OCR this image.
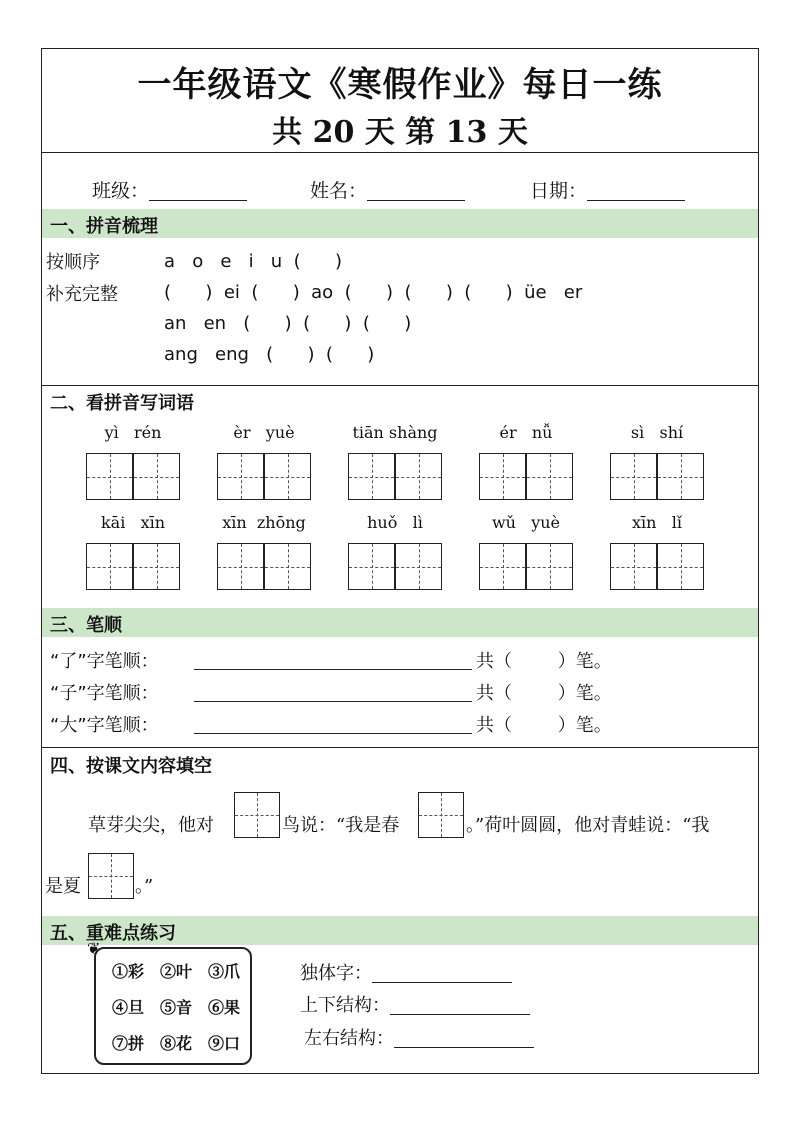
一年级语文《寒假作业》每日一练
共 20 天 第 13 天
班级：	姓名：	日期：
一、拼音梳理
按顺序
补充完整
a   o   e   i   u  (      )
(      )  ei  (      )  ao  (      )  (      )  (      )  üe   er
an   en   (      )  (      )  (      )
ang   eng   (      )  (      )
二、看拼音写词语
yì   rén	èr   yuè	tiān shàng	ér   nǚ	sì   shí
kāi   xīn	xīn  zhōng	huǒ   lì	wǔ   yuè	xīn   lǐ
三、笔顺
“了”字笔顺：	共（        ）笔。
“子”字笔顺：	共（        ）笔。
“大”字笔顺：	共（        ）笔。
四、按课文内容填空
草芽尖尖，他对	鸟说：“我是春	。”荷叶圆圆，他对青蛙说：“我
是夏	。”
五、重难点练习
①彩 ②叶 ③爪
④旦 ⑤音 ⑥果
⑦拼 ⑧花 ⑨口
❦
独体字：
上下结构：
左右结构：
